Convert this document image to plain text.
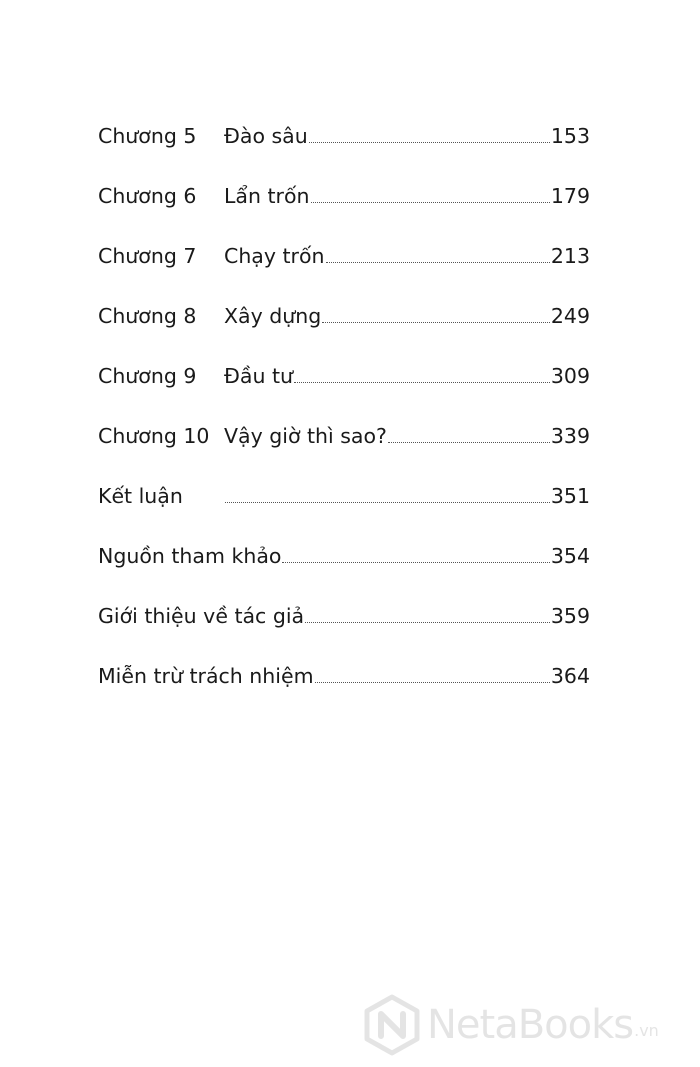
Chương 5	Đào sâu	153
Chương 6	Lẩn trốn	179
Chương 7	Chạy trốn	213
Chương 8	Xây dựng	249
Chương 9	Đầu tư	309
Chương 10 Vậy giờ thì sao?	339
Kết luận	351
Nguồn tham khảo	354
Giới thiệu về tác giả	359
Miễn trừ trách nhiệm	364
NetaBooks .vn
